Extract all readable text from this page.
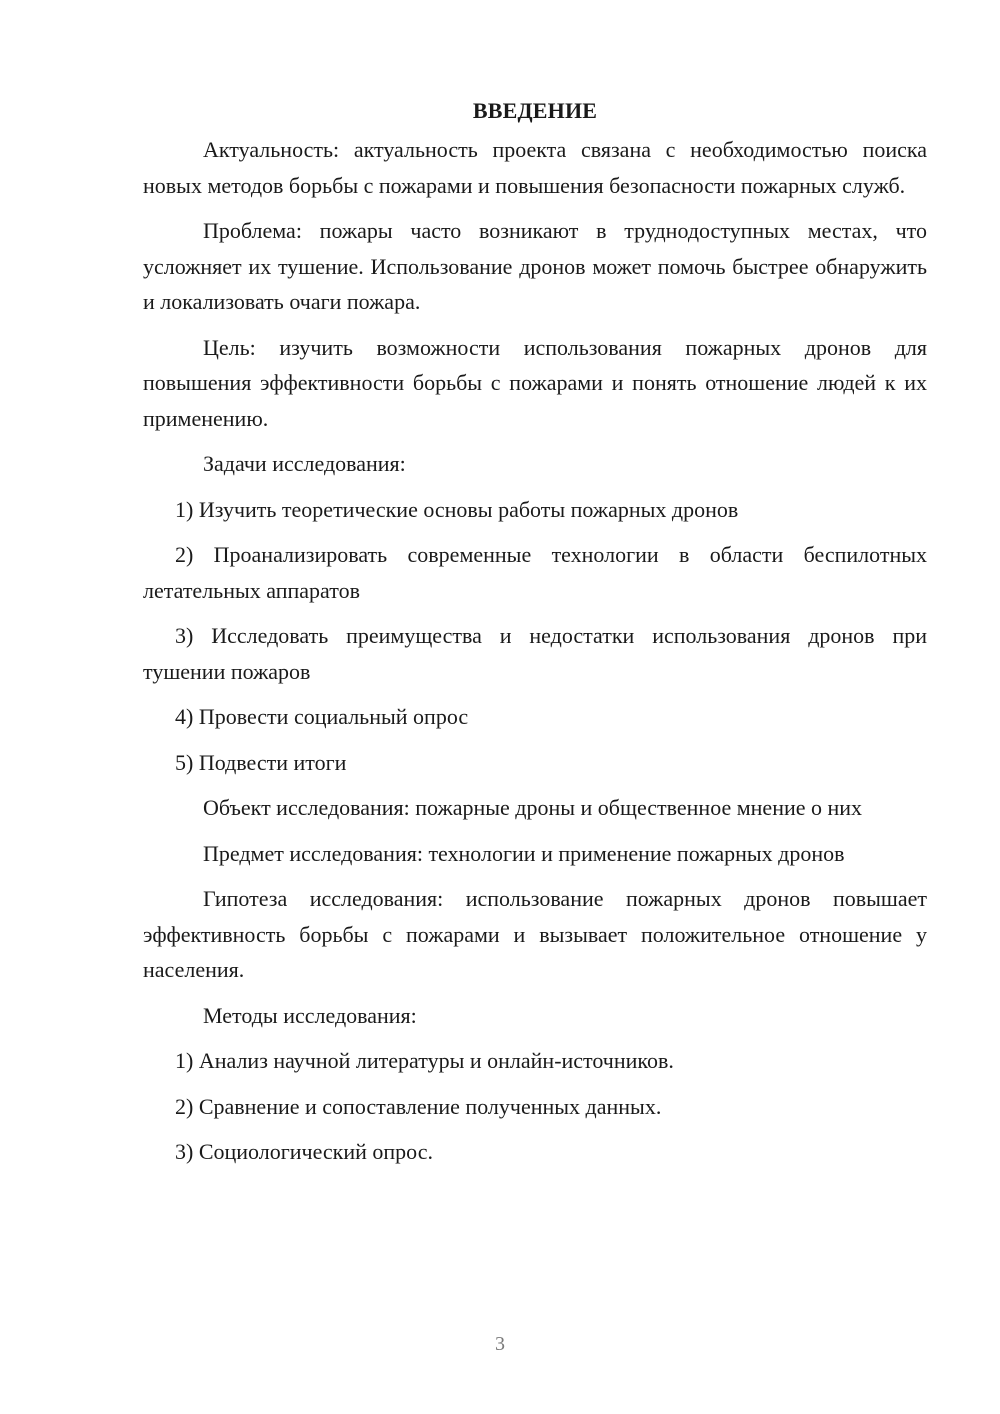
ВВЕДЕНИЕ

Актуальность: актуальность проекта связана с необходимостью поиска новых методов борьбы с пожарами и повышения безопасности пожарных служб.

Проблема: пожары часто возникают в труднодоступных местах, что усложняет их тушение. Использование дронов может помочь быстрее обнаружить и локализовать очаги пожара.

Цель: изучить возможности использования пожарных дронов для повышения эффективности борьбы с пожарами и понять отношение людей к их применению.

Задачи исследования:

1) Изучить теоретические основы работы пожарных дронов

2) Проанализировать современные технологии в области беспилотных летательных аппаратов

3) Исследовать преимущества и недостатки использования дронов при тушении пожаров

4) Провести социальный опрос

5) Подвести итоги

Объект исследования: пожарные дроны и общественное мнение о них

Предмет исследования: технологии и применение пожарных дронов

Гипотеза исследования: использование пожарных дронов повышает эффективность борьбы с пожарами и вызывает положительное отношение у населения.

Методы исследования:

1) Анализ научной литературы и онлайн-источников.

2) Сравнение и сопоставление полученных данных.

3) Социологический опрос.

3
